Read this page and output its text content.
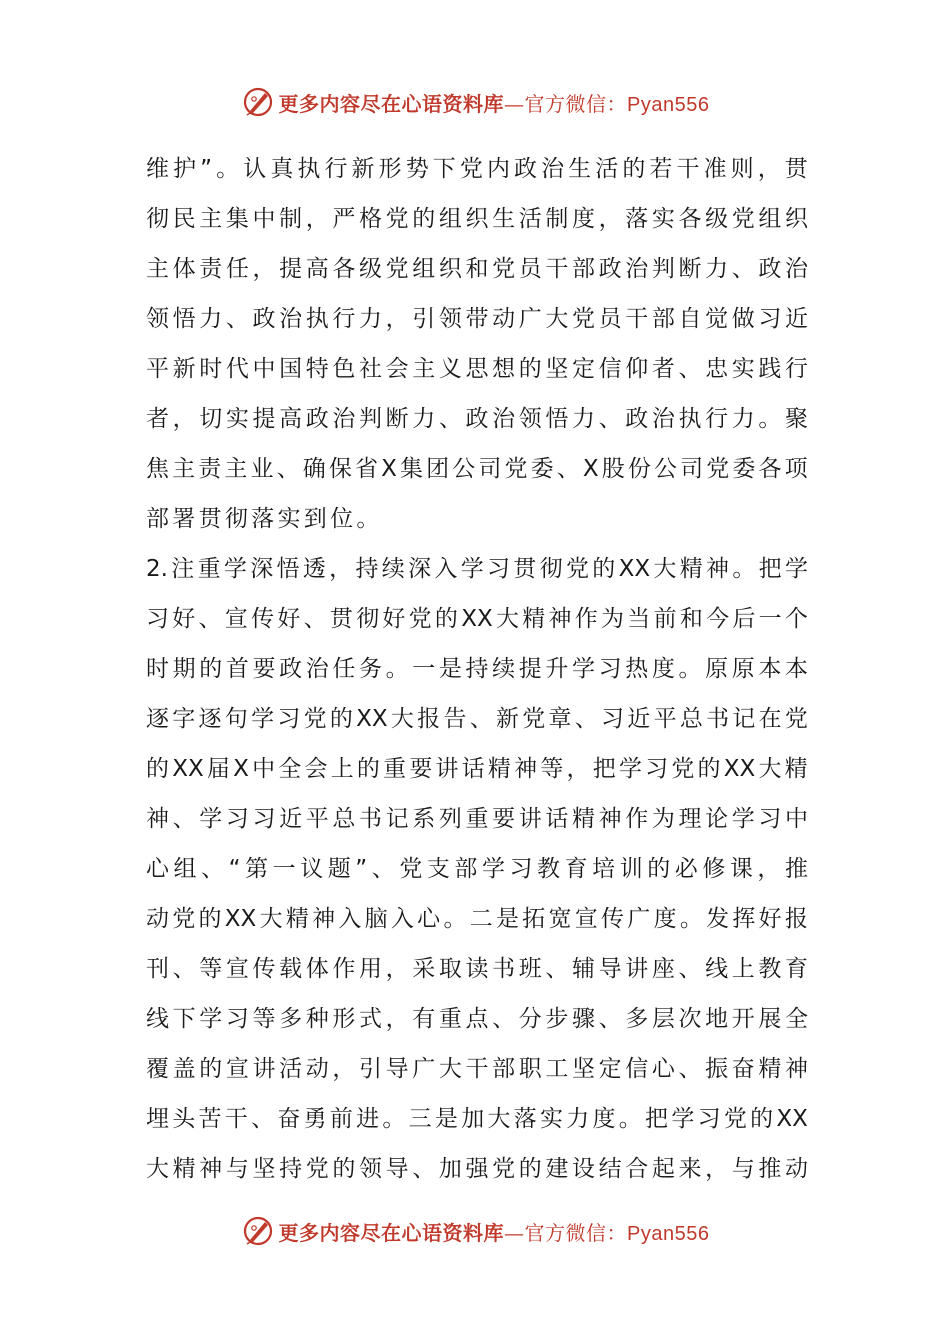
更多内容尽在心语资料库—官方微信：Pyan556
维 护 ” 。 认 真 执 行 新 形 势 下 党 内 政 治 生 活 的 若 干 准 则 ， 贯
彻 民 主 集 中 制 ， 严 格 党 的 组 织 生 活 制 度 ， 落 实 各 级 党 组 织
主 体 责 任 ， 提 高 各 级 党 组 织 和 党 员 干 部 政 治 判 断 力 、 政 治
领 悟 力 、 政 治 执 行 力 ， 引 领 带 动 广 大 党 员 干 部 自 觉 做 习 近
平 新 时 代 中 国 特 色 社 会 主 义 思 想 的 坚 定 信 仰 者 、 忠 实 践 行
者 ， 切 实 提 高 政 治 判 断 力 、 政 治 领 悟 力 、 政 治 执 行 力 。 聚
焦 主 责 主 业 、 确 保 省 X 集 团 公 司 党 委 、 X 股 份 公 司 党 委 各 项
部署贯彻落实到位。
2. 注 重 学 深 悟 透 ， 持 续 深 入 学 习 贯 彻 党 的 XX 大 精 神 。 把 学
习 好 、 宣 传 好 、 贯 彻 好 党 的 XX 大 精 神 作 为 当 前 和 今 后 一 个
时 期 的 首 要 政 治 任 务 。 一 是 持 续 提 升 学 习 热 度 。 原 原 本 本
逐 字 逐 句 学 习 党 的 XX 大 报 告 、 新 党 章 、 习 近 平 总 书 记 在 党
的 XX 届 X 中 全 会 上 的 重 要 讲 话 精 神 等 ， 把 学 习 党 的 XX 大 精
神 、 学 习 习 近 平 总 书 记 系 列 重 要 讲 话 精 神 作 为 理 论 学 习 中
心 组 、 “ 第 一 议 题 ” 、 党 支 部 学 习 教 育 培 训 的 必 修 课 ， 推
动 党 的 XX 大 精 神 入 脑 入 心 。 二 是 拓 宽 宣 传 广 度 。 发 挥 好 报
刊 、 等 宣 传 载 体 作 用 ， 采 取 读 书 班 、 辅 导 讲 座 、 线 上 教 育
线 下 学 习 等 多 种 形 式 ， 有 重 点 、 分 步 骤 、 多 层 次 地 开 展 全
覆 盖 的 宣 讲 活 动 ， 引 导 广 大 干 部 职 工 坚 定 信 心 、 振 奋 精 神
埋 头 苦 干 、 奋 勇 前 进 。 三 是 加 大 落 实 力 度 。 把 学 习 党 的 XX
大 精 神 与 坚 持 党 的 领 导 、 加 强 党 的 建 设 结 合 起 来 ， 与 推 动
更多内容尽在心语资料库—官方微信：Pyan556
